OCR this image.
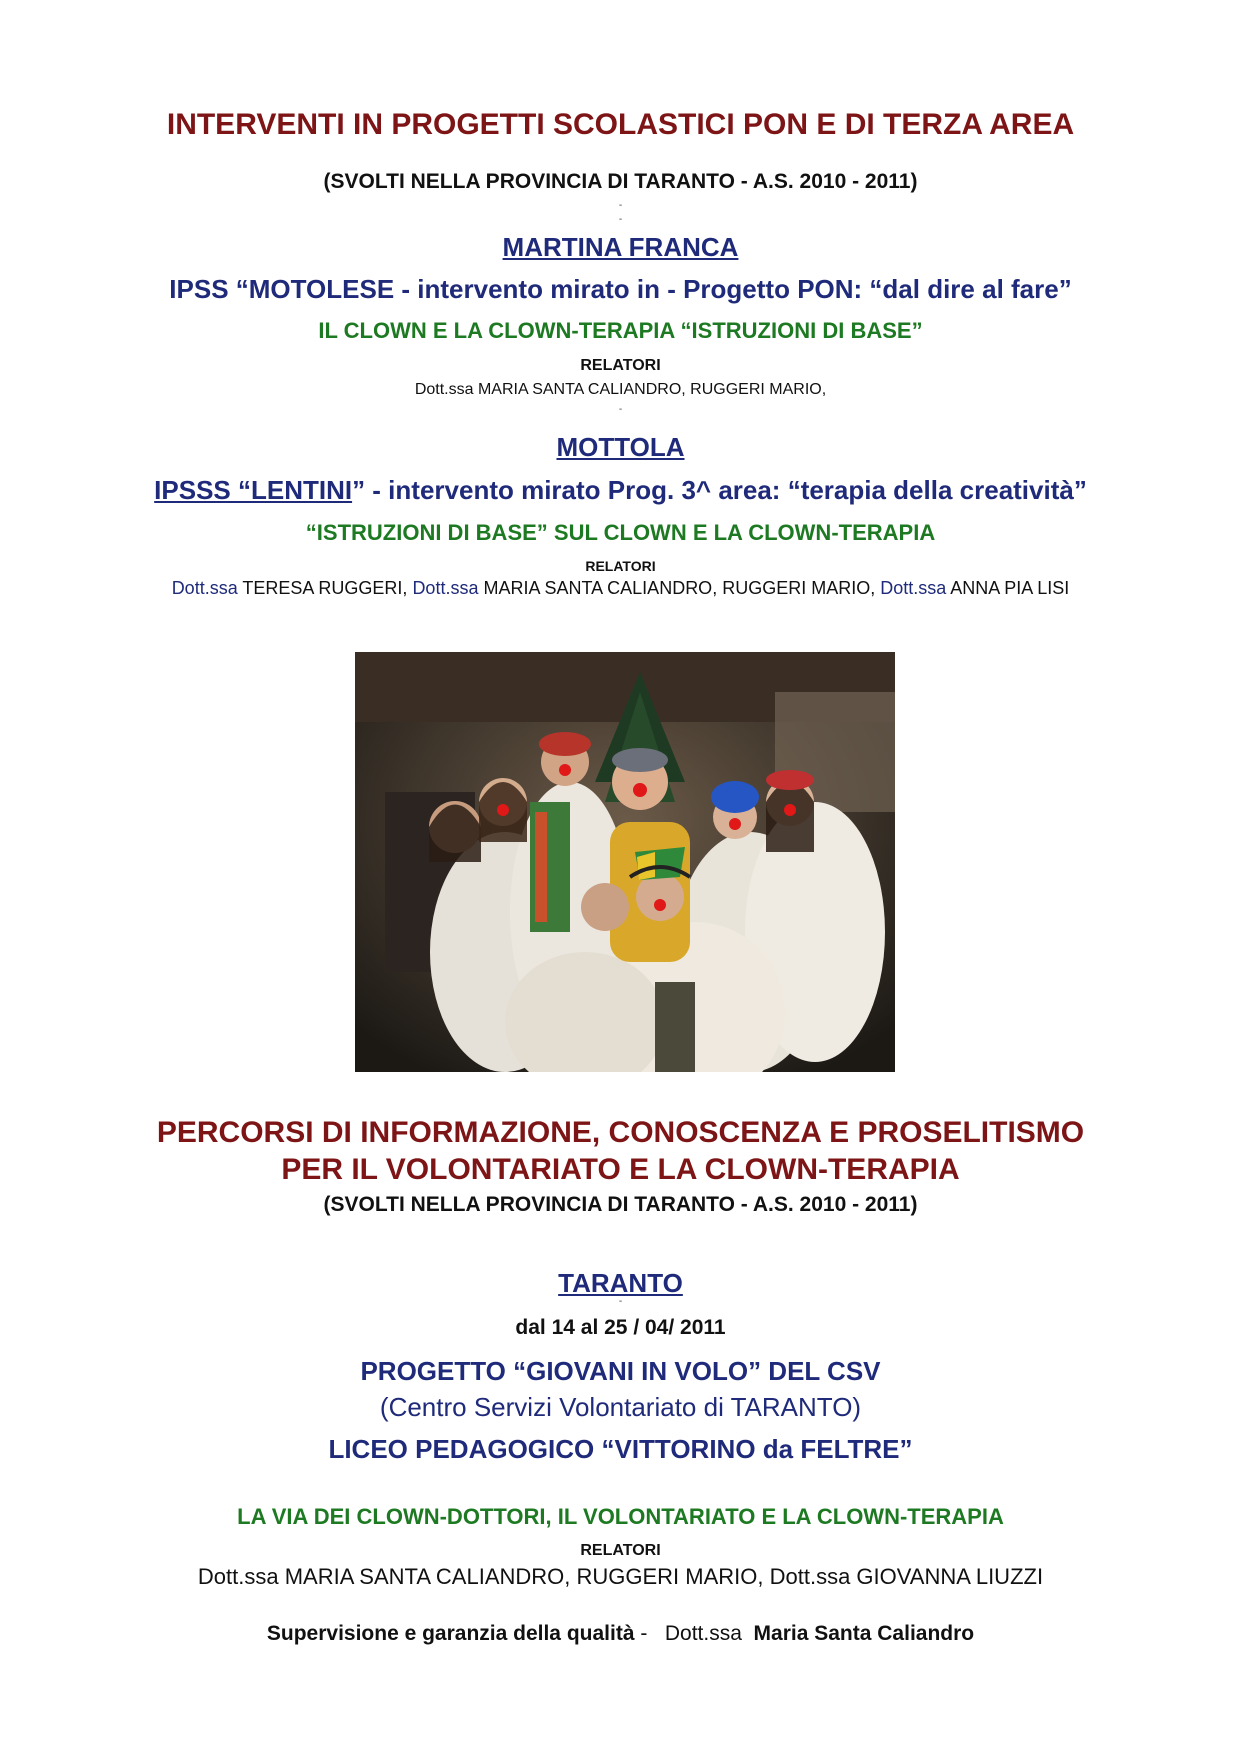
INTERVENTI IN PROGETTI SCOLASTICI PON E DI TERZA AREA
(SVOLTI NELLA PROVINCIA DI TARANTO - A.S. 2010 - 2011)
-
-
MARTINA FRANCA
IPSS “MOTOLESE - intervento mirato in - Progetto PON: “dal dire al fare”
IL CLOWN E LA CLOWN-TERAPIA “ISTRUZIONI DI BASE”
RELATORI
Dott.ssa MARIA SANTA CALIANDRO, RUGGERI MARIO,
-
MOTTOLA
IPSSS “LENTINI” - intervento mirato Prog. 3^ area: “terapia della creatività”
“ISTRUZIONI DI BASE” SUL CLOWN E LA CLOWN-TERAPIA
RELATORI
Dott.ssa TERESA RUGGERI, Dott.ssa MARIA SANTA CALIANDRO, RUGGERI MARIO, Dott.ssa ANNA PIA LISI
PERCORSI DI INFORMAZIONE, CONOSCENZA E PROSELITISMO
PER IL VOLONTARIATO E LA CLOWN-TERAPIA
(SVOLTI NELLA PROVINCIA DI TARANTO - A.S. 2010 - 2011)
TARANTO
-
dal 14 al 25 / 04/ 2011
PROGETTO “GIOVANI IN VOLO” DEL CSV
(Centro Servizi Volontariato di TARANTO)
LICEO PEDAGOGICO “VITTORINO da FELTRE”
LA VIA DEI CLOWN-DOTTORI, IL VOLONTARIATO E LA CLOWN-TERAPIA
RELATORI
Dott.ssa MARIA SANTA CALIANDRO, RUGGERI MARIO, Dott.ssa GIOVANNA LIUZZI
Supervisione e garanzia della qualità -   Dott.ssa  Maria Santa Caliandro
